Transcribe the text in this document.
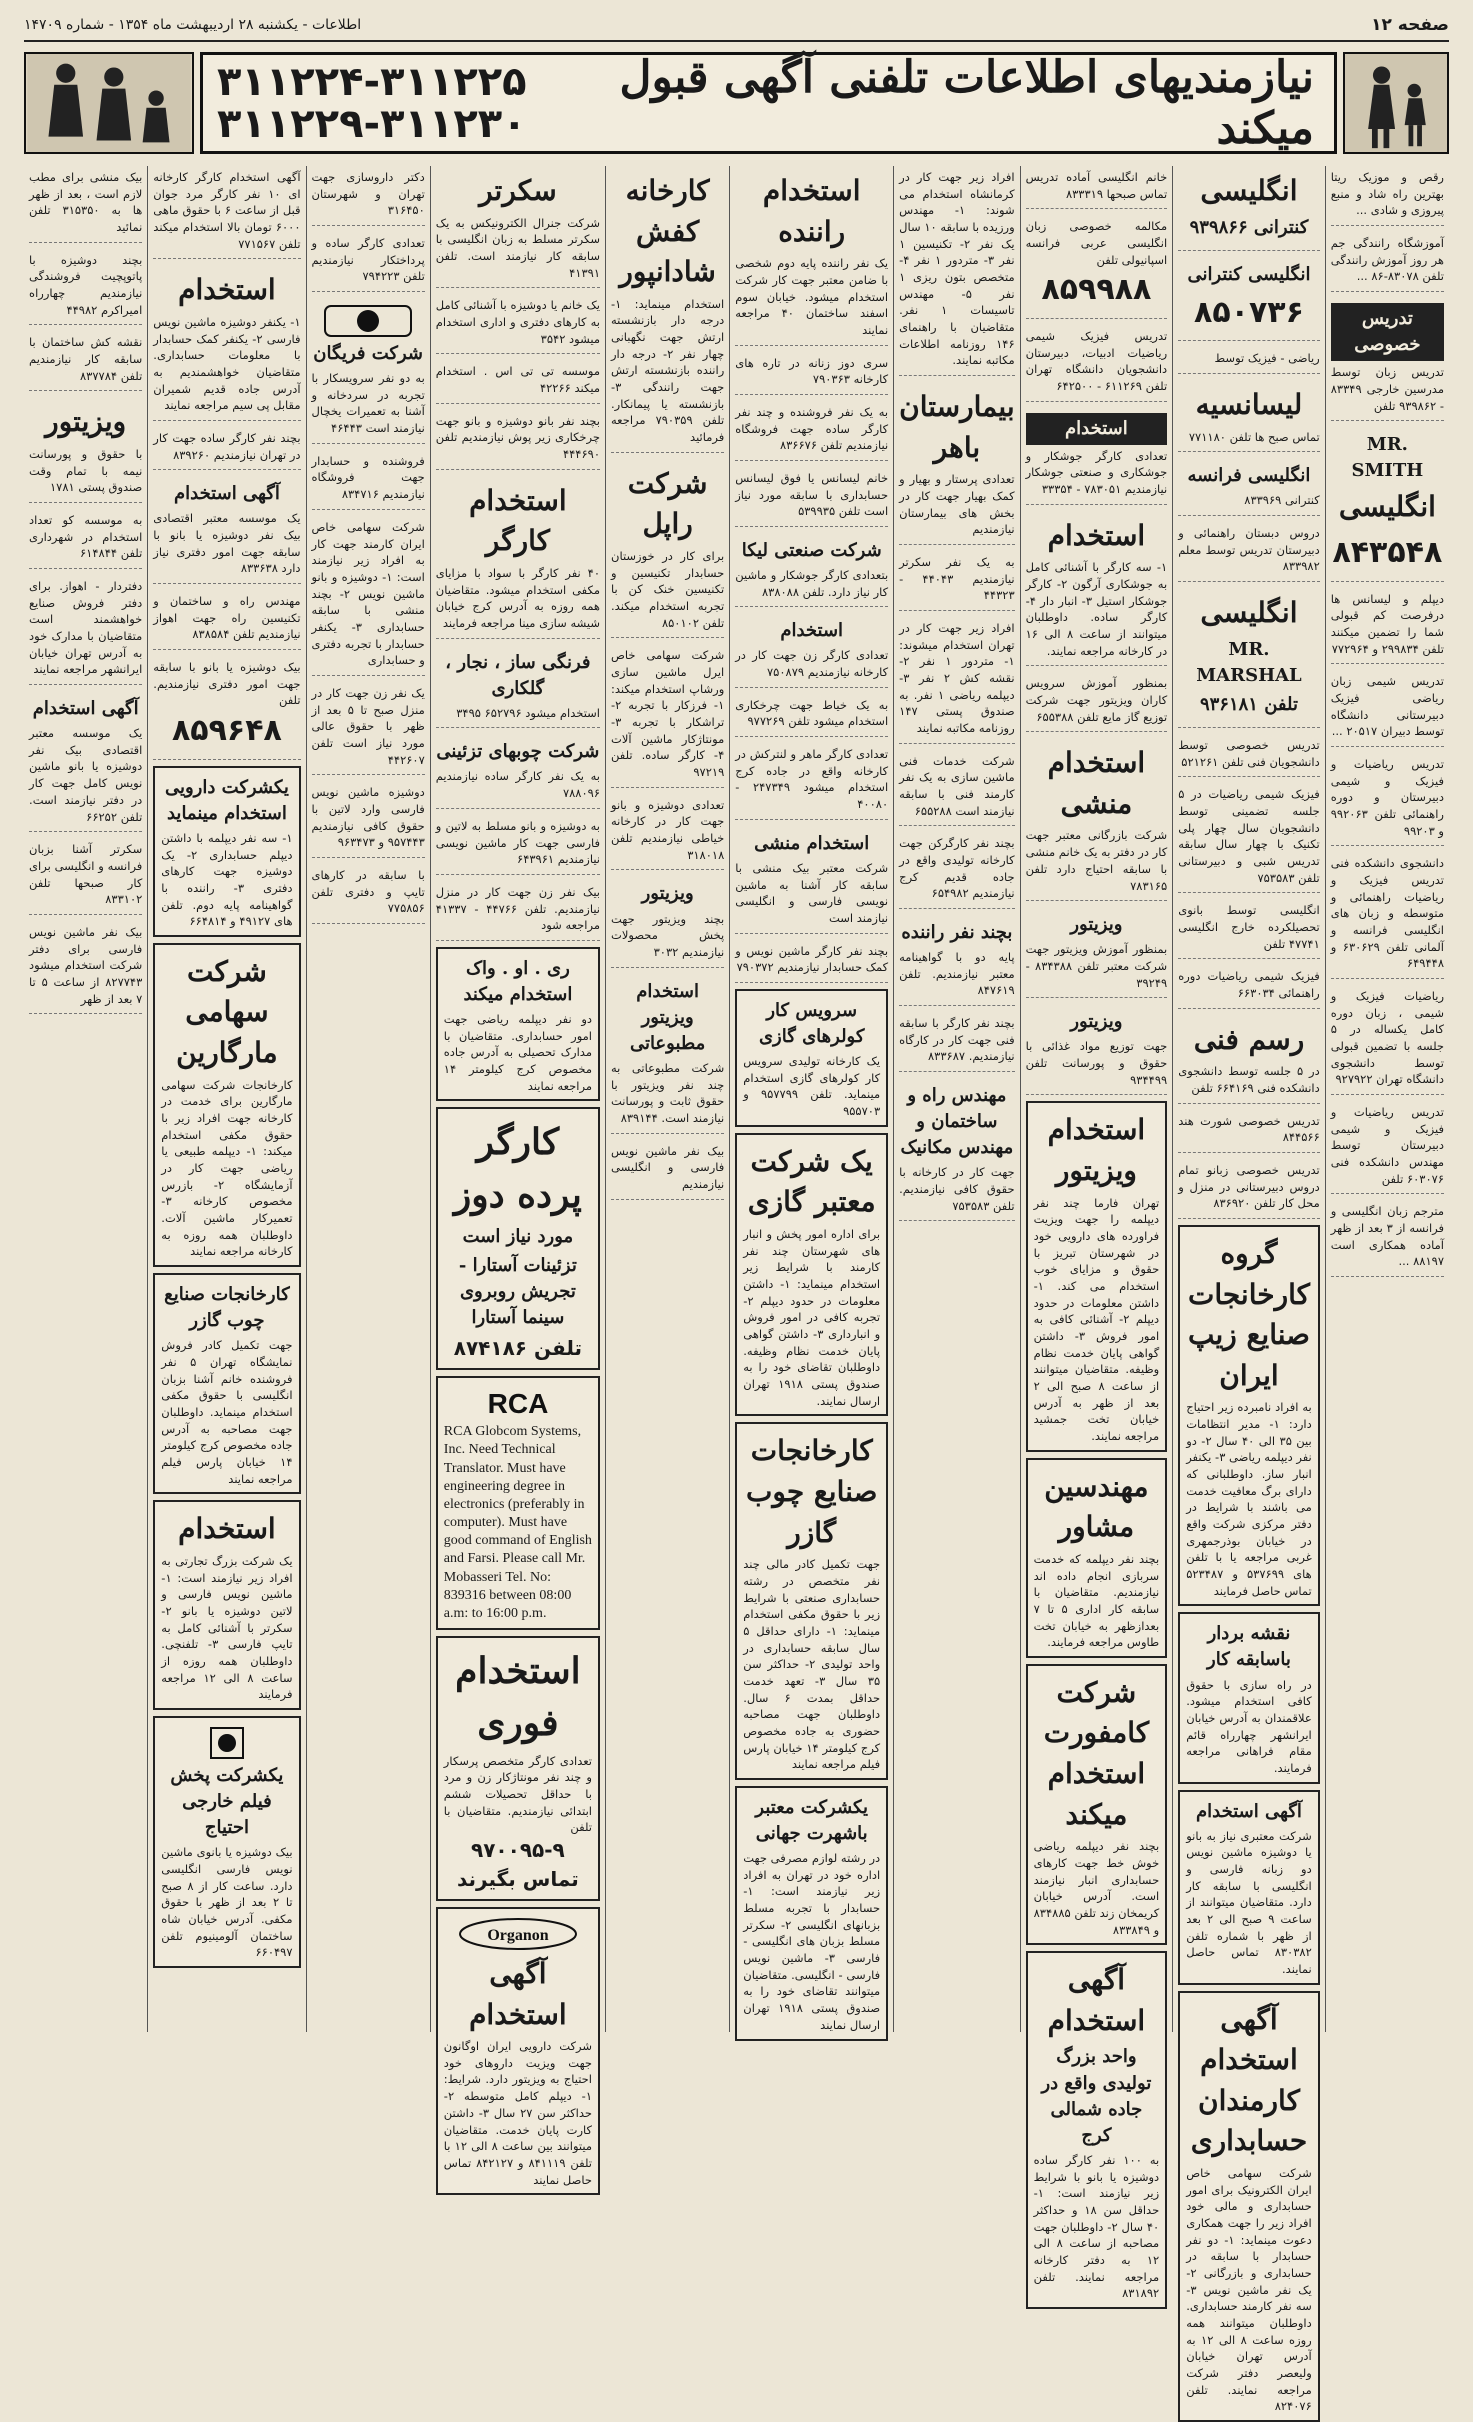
صفحه ۱۲
اطلاعات - یکشنبه ۲۸ اردیبهشت ماه ۱۳۵۴ - شماره ۱۴۷۰۹
نیازمندیهای اطلاعات تلفنی آگهی قبول میکند
۳۱۱۲۲۴-۳۱۱۲۲۵
۳۱۱۲۲۹-۳۱۱۲۳۰
رقص و موزیک ریتا بهترین راه شاد و منبع پیروزی و شادی ...
آموزشگاه رانندگی جم هر روز آموزش رانندگی تلفن ۸۳۰۷۸-۸۶ ...
تدریس خصوصی
تدریس زبان توسط مدرسین خارجی ۸۳۳۴۹ - ۹۳۹۸۶۲ تلفن
MR. SMITH
انگلیسی
۸۴۳۵۴۸
دیپلم و لیسانس ها درفرصت کم قبولی شما را تضمین میکنند تلفن ۲۹۹۸۳۴ و ۷۷۲۹۶۴
تدریس شیمی زبان ریاضی فیزیک دبیرستانی دانشگاه توسط دبیران ۲۰۵۱۷ ...
تدریس ریاضیات و فیزیک و شیمی دبیرستان و دوره راهنمائی تلفن ۹۹۲۰۶۳ و ۹۹۲۰۳
دانشجوی دانشکده فنی تدریس فیزیک و ریاضیات راهنمائی و متوسطه و زبان های انگلیسی فرانسه و آلمانی تلفن ۶۳۰۶۲۹ و ۶۴۹۴۴۸
ریاضیات فیزیک و شیمی ، زبان دوره کامل یکساله در ۵ جلسه با تضمین قبولی توسط دانشجوی دانشگاه تهران ۹۲۷۹۲۲
تدریس ریاضیات و فیزیک و شیمی دبیرستان توسط مهندس دانشکده فنی ۶۰۳۰۷۶ تلفن
مترجم زبان انگلیسی و فرانسه از ۳ بعد از ظهر آماده همکاری است ۸۸۱۹۷ ...
انگلیسی
کنترانی ۹۳۹۸۶۶
انگلیسی کنترانی
۸۵۰۷۳۶
ریاضی - فیزیک توسط
لیسانسیه
تماس صبح ها تلفن ۷۷۱۱۸۰
انگلیسی فرانسه
کنترانی ۸۳۳۹۶۹
دروس دبستان راهنمائی و دبیرستان تدریس توسط معلم ۸۳۳۹۸۲
انگلیسی
MR. MARSHAL
تلفن ۹۳۶۱۸۱
تدریس خصوصی توسط دانشجویان فنی تلفن ۵۲۱۲۶۱
فیزیک شیمی ریاضیات در ۵ جلسه تضمینی توسط دانشجویان سال چهار پلی تکنیک با چهار سال سابقه تدریس شبی و دبیرستانی تلفن ۷۵۳۵۸۳
انگلیسی توسط بانوی تحصیلکرده خارج انگلیسی ۴۷۷۴۱ تلفن
فیزیک شیمی ریاضیات دوره راهنمائی ۶۶۳۰۳۴
رسم فنی
در ۵ جلسه توسط دانشجوی دانشکده فنی ۶۶۴۱۶۹ تلفن
تدریس خصوصی شورت هند ۸۴۴۵۶۶
تدریس خصوصی زبانو تمام دروس دبیرستانی در منزل و محل کار تلفن ۸۳۶۹۲۰
گروه کارخانجات صنایع زیپ ایران
به افراد نامبرده زیر احتیاج دارد: ۱- مدیر انتظامات بین ۳۵ الی ۴۰ سال ۲- دو نفر دیپلمه ریاضی ۳- یکنفر انبار ساز. داوطلبانی که دارای برگ معافیت خدمت می باشند با شرایط در دفتر مرکزی شرکت واقع در خیابان بوذرجمهری غربی مراجعه یا با تلفن های ۵۳۷۶۹۹ و ۵۲۳۴۸۷ تماس حاصل فرمایند
نقشه بردار باسابقه کار
در راه سازی با حقوق کافی استخدام میشود. علاقمندان به آدرس خیابان ایرانشهر چهارراه قائم مقام فراهانی مراجعه فرمایند.
آگهی استخدام
شرکت معتبری نیاز به بانو یا دوشیزه ماشین نویس دو زبانه فارسی و انگلیسی با سابقه کار دارد. متقاضیان میتوانند از ساعت ۹ صبح الی ۲ بعد از ظهر با شماره تلفن ۸۳۰۳۸۲ تماس حاصل نمایند.
آگهی استخدام کارمندان حسابداری
شرکت سهامی خاص ایران الکترونیک برای امور حسابداری و مالی خود افراد زیر را جهت همکاری دعوت مینماید: ۱- دو نفر حسابدار با سابقه در حسابداری و بازرگانی ۲- یک نفر ماشین نویس ۳- سه نفر کارمند حسابداری. داوطلبان میتوانند همه روزه ساعت ۸ الی ۱۲ به آدرس تهران خیابان ولیعصر دفتر شرکت مراجعه نمایند. تلفن ۸۲۴۰۷۶
خانم انگلیسی آماده تدریس تماس صبحها ۸۳۳۳۱۹
مکالمه خصوصی زبان انگلیسی عربی فرانسه اسپانیولی تلفن
۸۵۹۹۸۸
تدریس فیزیک شیمی ریاضیات ادبیات، دبیرستان دانشجویان دانشگاه تهران تلفن ۶۱۱۲۶۹ - ۶۴۲۵۰۰
استخدام
تعدادی کارگر جوشکار و جوشکاری و صنعتی جوشکار نیازمندیم ۷۸۳۰۵۱ - ۳۳۳۵۴
استخدام
۱- سه کارگر با آشنائی کامل به جوشکاری آرگون ۲- کارگر جوشکار استیل ۳- انبار دار ۴- کارگر ساده. داوطلبان میتوانند از ساعت ۸ الی ۱۶ در کارخانه مراجعه نمایند.
بمنظور آموزش سرویس کاران ویزیتور جهت شرکت توزیع گاز مایع تلفن ۶۵۵۳۸۸
استخدام منشی
شرکت بازرگانی معتبر جهت کار در دفتر به یک خانم منشی با سابقه احتیاج دارد تلفن ۷۸۳۱۶۵
ویزیتور
بمنظور آموزش ویزیتور جهت شرکت معتبر تلفن ۸۳۴۳۸۸ - ۳۹۲۴۹
ویزیتور
جهت توزیع مواد غذائی با حقوق و پورسانت تلفن ۹۳۴۴۹۹
استخدام ویزیتور
تهران فارما چند نفر دیپلمه را جهت ویزیت فراورده های دارویی خود در شهرستان تبریز با حقوق و مزایای خوب استخدام می کند. ۱- داشتن معلومات در حدود دیپلم ۲- آشنائی کافی به امور فروش ۳- داشتن گواهی پایان خدمت نظام وظیفه. متقاضیان میتوانند از ساعت ۸ صبح الی ۲ بعد از ظهر به آدرس خیابان تخت جمشید مراجعه نمایند.
مهندسین مشاور
بچند نفر دیپلمه که خدمت سربازی انجام داده اند نیازمندیم. متقاضیان با سابقه کار اداری ۵ تا ۷ بعدازظهر به خیابان تخت طاوس مراجعه فرمایند.
شرکت کامفورت استخدام میکند
بچند نفر دیپلمه ریاضی خوش خط جهت کارهای حسابداری انبار نیازمند است. آدرس خیابان کریمخان زند تلفن ۸۳۴۸۸۵ و ۸۳۳۸۴۹
آگهی استخدام
واحد بزرگ تولیدی واقع در جاده شمالی کرج
به ۱۰۰ نفر کارگر ساده دوشیزه یا بانو با شرایط زیر نیازمند است: ۱- حداقل سن ۱۸ و حداکثر ۴۰ سال ۲- داوطلبان جهت مصاحبه از ساعت ۸ الی ۱۲ به دفتر کارخانه مراجعه نمایند. تلفن ۸۳۱۸۹۲
افراد زیر جهت کار در کرمانشاه استخدام می شوند: ۱- مهندس ورزیده با سابقه ۱۰ سال یک نفر ۲- تکنیسین ۱ نفر ۳- متردور ۱ نفر ۴- متخصص بتون ریزی ۱ نفر ۵- مهندس تاسیسات ۱ نفر. متقاضیان با راهنمای ۱۴۶ روزنامه اطلاعات مکاتبه نمایند.
بیمارستان باهر
تعدادی پرستار و بهیار و کمک بهیار جهت کار در بخش های بیمارستان نیازمندیم
به یک نفر سکرتر نیازمندیم ۴۴۰۴۳ - ۴۴۳۲۳
افراد زیر جهت کار در تهران استخدام میشوند: ۱- متردور ۱ نفر ۲- نقشه کش ۲ نفر ۳- دیپلمه ریاضی ۱ نفر. به صندوق پستی ۱۴۷ روزنامه مکاتبه نمایند
شرکت خدمات فنی ماشین سازی به یک نفر کارمند فنی با سابقه نیازمند است ۶۵۵۲۸۸
بچند نفر کارگرکن جهت کارخانه تولیدی واقع در جاده قدیم کرج نیازمندیم ۶۵۴۹۸۲
بچند نفر راننده
پایه دو با گواهینامه معتبر نیازمندیم. تلفن ۸۴۷۶۱۹
بچند نفر کارگر با سابقه فنی جهت کار در کارگاه نیازمندیم. ۸۳۳۶۸۷
مهندس راه و ساختمان و مهندس مکانیک
جهت کار در کارخانه با حقوق کافی نیازمندیم. تلفن ۷۵۳۵۸۳
استخدام راننده
یک نفر راننده پایه دوم شخصی با ضامن معتبر جهت کار شرکت استخدام میشود. خیابان سوم اسفند ساختمان ۴۰ مراجعه نمایند
سری دوز زنانه در تاره های کارخانه ۷۹۰۳۶۳
به یک نفر فروشنده و چند نفر کارگر ساده جهت فروشگاه نیازمندیم تلفن ۸۳۶۶۷۶
خانم لیسانس یا فوق لیسانس حسابداری با سابقه مورد نیاز است تلفن ۵۳۹۹۳۵
شرکت صنعتی لیکا
بتعدادی کارگر جوشکار و ماشین کار نیاز دارد. تلفن ۸۳۸۰۸۸
استخدام
تعدادی کارگر زن جهت کار در کارخانه نیازمندیم ۷۵۰۸۷۹
به یک خیاط جهت چرخکاری استخدام میشود تلفن ۹۷۷۲۶۹
تعدادی کارگر ماهر و لنترکش در کارخانه واقع در جاده کرج استخدام میشود ۲۴۷۳۴۹ - ۴۰۰۸۰
استخدام منشی
شرکت معتبر بیک منشی با سابقه کار آشنا به ماشین نویسی فارسی و انگلیسی نیازمند است
بچند نفر کارگر ماشین نویس و کمک حسابدار نیازمندیم ۷۹۰۳۷۲
سرویس کار کولرهای گازی
یک کارخانه تولیدی سرویس کار کولرهای گازی استخدام مینماید. تلفن ۹۵۷۷۹۹ و ۹۵۵۷۰۳
یک شرکت معتبر گازی
برای اداره امور پخش و انبار های شهرستان چند نفر کارمند با شرایط زیر استخدام مینماید: ۱- داشتن معلومات در حدود دیپلم ۲- تجربه کافی در امور فروش و انبارداری ۳- داشتن گواهی پایان خدمت نظام وظیفه. داوطلبان تقاضای خود را به صندوق پستی ۱۹۱۸ تهران ارسال نمایند.
کارخانجات صنایع چوب گازر
جهت تکمیل کادر مالی چند نفر متخصص در رشته حسابداری صنعتی با شرایط زیر با حقوق مکفی استخدام مینماید: ۱- دارای حداقل ۵ سال سابقه حسابداری در واحد تولیدی ۲- حداکثر سن ۳۵ سال ۳- تعهد خدمت حداقل بمدت ۶ سال. داوطلبان جهت مصاحبه حضوری به جاده مخصوص کرج کیلومتر ۱۴ خیابان پارس فیلم مراجعه نمایند
یکشرکت معتبر باشهرت جهانی
در رشته لوازم مصرفی جهت اداره خود در تهران به افراد زیر نیازمند است: ۱- حسابدار با تجربه مسلط بزبانهای انگلیسی ۲- سکرتر مسلط بزبان های انگلیسی - فارسی ۳- ماشین نویس فارسی - انگلیسی. متقاضیان میتوانند تقاضای خود را به صندوق پستی ۱۹۱۸ تهران ارسال نمایند
کارخانه کفش شادانپور
استخدام مینماید: ۱- درجه دار بازنشسته ارتش جهت نگهبانی چهار نفر ۲- درجه دار راننده بازنشسته ارتش جهت رانندگی ۳- بازنشسته یا پیمانکار. تلفن ۷۹۰۳۵۹ مراجعه فرمائید
شرکت راپل
برای کار در خوزستان حسابدار تکنیسین و تکنیسین خنک کن با تجربه استخدام میکند. تلفن ۸۵۰۱۰۲
شرکت سهامی خاص ایرل ماشین سازی ورشاپ استخدام میکند: ۱- فرزکار با تجربه ۲- تراشکار با تجربه ۳- مونتاژکار ماشین آلات ۴- کارگر ساده. تلفن ۹۷۲۱۹
تعدادی دوشیزه و بانو جهت کار در کارخانه خیاطی نیازمندیم تلفن ۳۱۸۰۱۸
ویزیتور
بچند ویزیتور جهت پخش محصولات نیازمندیم ۳۰۳۲
استخدام ویزیتور مطبوعاتی
شرکت مطبوعاتی به چند نفر ویزیتور با حقوق ثابت و پورسانت نیازمند است. ۸۳۹۱۴۴
بیک نفر ماشین نویس فارسی و انگلیسی نیازمندیم
سکرتر
شرکت جنرال الکترونیکس به یک سکرتر مسلط به زبان انگلیسی با سابقه کار نیازمند است. تلفن ۴۱۳۹۱
یک خانم یا دوشیزه با آشنائی کامل به کارهای دفتری و اداری استخدام میشود ۳۵۴۲
موسسه تی تی اس . استخدام میکند ۴۲۲۶۶
بچند نفر بانو دوشیزه و بانو جهت چرخکاری زیر پوش نیازمندیم تلفن ۴۴۴۶۹۰
استخدام کارگر
۴۰ نفر کارگر با سواد با مزایای مکفی استخدام میشود. متقاضیان همه روزه به آدرس کرج خیابان شیشه سازی مینا مراجعه فرمایند
فرنگی ساز ، نجار ، گلکاری
استخدام میشود ۶۵۲۷۹۶ ۳۴۹۵
شرکت چوبهای تزئینی
به یک نفر کارگر ساده نیازمندیم ۷۸۸۰۹۶
به دوشیزه و بانو مسلط به لاتین و فارسی جهت کار ماشین نویسی نیازمندیم ۶۴۳۹۶۱
بیک نفر زن جهت کار در منزل نیازمندیم. تلفن ۴۴۷۶۶ - ۴۱۳۳۷ مراجعه شود
ری . او . واک استخدام میکند
دو نفر دیپلمه ریاضی جهت امور حسابداری. متقاضیان با مدارک تحصیلی به آدرس جاده مخصوص کرج کیلومتر ۱۴ مراجعه نمایند
کارگر پرده دوز
مورد نیاز است
تزئینات آستارا - تجریش روبروی سینما آستارا
تلفن ۸۷۴۱۸۶
RCA
RCA Globcom Systems, Inc. Need Technical Translator. Must have engineering degree in electronics (preferably in computer). Must have good command of English and Farsi. Please call Mr. Mobasseri Tel. No: 839316 between 08:00 a.m: to 16:00 p.m.
استخدام فوری
تعدادی کارگر متخصص پرسکار و چند نفر مونتاژکار زن و مرد با حداقل تحصیلات ششم ابتدائی نیازمندیم. متقاضیان با تلفن
۹۷۰۰۹۵-۹ تماس بگیرند
Organon
آگهی استخدام
شرکت دارویی ایران اوگانون جهت ویزیت داروهای خود احتیاج به ویزیتور دارد. شرایط: ۱- دیپلم کامل متوسطه ۲- حداکثر سن ۲۷ سال ۳- داشتن کارت پایان خدمت. متقاضیان میتوانند بین ساعت ۸ الی ۱۲ با تلفن ۸۴۱۱۱۹ و ۸۴۲۱۲۷ تماس حاصل نمایند
دکتر داروسازی جهت تهران و شهرستان ۳۱۶۴۵۰
تعدادی کارگر ساده و پرداختکار نیازمندیم تلفن ۷۹۴۲۲۳
شرکت فریگان
به دو نفر سرویسکار با تجربه در سردخانه و آشنا به تعمیرات یخچال نیازمند است ۴۶۴۴۳
فروشنده و حسابدار جهت فروشگاه نیازمندیم ۸۳۴۷۱۶
شرکت سهامی خاص ایران کارمند جهت کار به افراد زیر نیازمند است: ۱- دوشیزه و بانو ماشین نویس ۲- بچند منشی با سابقه حسابداری ۳- یکنفر حسابدار با تجربه دفتری و حسابداری
یک نفر زن جهت کار در منزل صبح تا ۵ بعد از ظهر با حقوق عالی مورد نیاز است تلفن ۴۴۲۶۰۷
دوشیزه ماشین نویس فارسی وارد لاتین با حقوق کافی نیازمندیم ۹۵۷۴۴۳ و ۹۶۳۴۷۳
با سابقه در کارهای تایپ و دفتری تلفن ۷۷۵۸۵۶
آگهی استخدام کارگر کارخانه ای ۱۰ نفر کارگر مرد جوان قبل از ساعت ۶ با حقوق ماهی ۶۰۰۰ تومان بالا استخدام میکند تلفن ۷۷۱۵۶۷
استخدام
۱- یکنفر دوشیزه ماشین نویس فارسی ۲- یکنفر کمک حسابدار با معلومات حسابداری. متقاضیان خواهشمندیم به آدرس جاده قدیم شمیران مقابل پی سیم مراجعه نمایند
بچند نفر کارگر ساده جهت کار در تهران نیازمندیم ۸۳۹۲۶۰
آگهی استخدام
یک موسسه معتبر اقتصادی بیک نفر دوشیزه یا بانو با سابقه جهت امور دفتری نیاز دارد ۸۳۳۶۳۸
مهندس راه و ساختمان و تکنیسین راه جهت اهواز نیازمندیم تلفن ۸۳۸۵۸۴
بیک دوشیزه یا بانو با سابقه جهت امور دفتری نیازمندیم. تلفن
۸۵۹۶۴۸
یکشرکت دارویی استخدام مینماید
۱- سه نفر دیپلمه با داشتن دیپلم حسابداری ۲- یک دوشیزه جهت کارهای دفتری ۳- راننده با گواهینامه پایه دوم. تلفن های ۴۹۱۲۷ و ۶۶۴۸۱۴
شرکت سهامی مارگارین
کارخانجات شرکت سهامی مارگارین برای خدمت در کارخانه جهت افراد زیر با حقوق مکفی استخدام میکند: ۱- دیپلمه طبیعی یا ریاضی جهت کار در آزمایشگاه ۲- بازرس مخصوص کارخانه ۳- تعمیرکار ماشین آلات. داوطلبان همه روزه به کارخانه مراجعه نمایند
کارخانجات صنایع چوب گازر
جهت تکمیل کادر فروش نمایشگاه تهران ۵ نفر فروشنده خانم آشنا بزبان انگلیسی با حقوق مکفی استخدام مینماید. داوطلبان جهت مصاحبه به آدرس جاده مخصوص کرج کیلومتر ۱۴ خیابان پارس فیلم مراجعه نمایند
استخدام
یک شرکت بزرگ تجارتی به افراد زیر نیازمند است: ۱- ماشین نویس فارسی و لاتین دوشیزه یا بانو ۲- سکرتر با آشنائی کامل به تایپ فارسی ۳- تلفنچی. داوطلبان همه روزه از ساعت ۸ الی ۱۲ مراجعه فرمایند
یکشرکت پخش فیلم خارجی احتیاج
بیک دوشیزه یا بانوی ماشین نویس فارسی انگلیسی دارد. ساعت کار از ۸ صبح تا ۲ بعد از ظهر با حقوق مکفی. آدرس خیابان شاه ساختمان آلومینیوم تلفن ۶۶۰۴۹۷
بیک منشی برای مطب لازم است ، بعد از ظهر ها به ۳۱۵۳۵۰ تلفن نمائید
بچند دوشیزه با پاتوپچیت فروشندگی نیازمندیم چهارراه امیراکرم ۴۴۹۸۲
نقشه کش ساختمان با سابقه کار نیازمندیم تلفن ۸۳۷۷۸۴
ویزیتور
با حقوق و پورسانت نیمه با تمام وقت صندوق پستی ۱۷۸۱
به موسسه کو تعداد استخدام در شهرداری تلفن ۶۱۴۸۴۴
دفتردار - اهواز. برای دفتر فروش صنایع خواهشمند است متقاضیان با مدارک خود به آدرس تهران خیابان ایرانشهر مراجعه نمایند
آگهی استخدام
یک موسسه معتبر اقتصادی بیک نفر دوشیزه یا بانو ماشین نویس کامل جهت کار در دفتر نیازمند است. تلفن ۶۶۲۵۲
سکرتر آشنا بزبان فرانسه و انگلیسی برای کار صبحها تلفن ۸۳۳۱۰۲
بیک نفر ماشین نویس فارسی برای دفتر شرکت استخدام میشود ۸۲۷۷۴۳ از ساعت ۵ تا ۷ بعد از ظهر
